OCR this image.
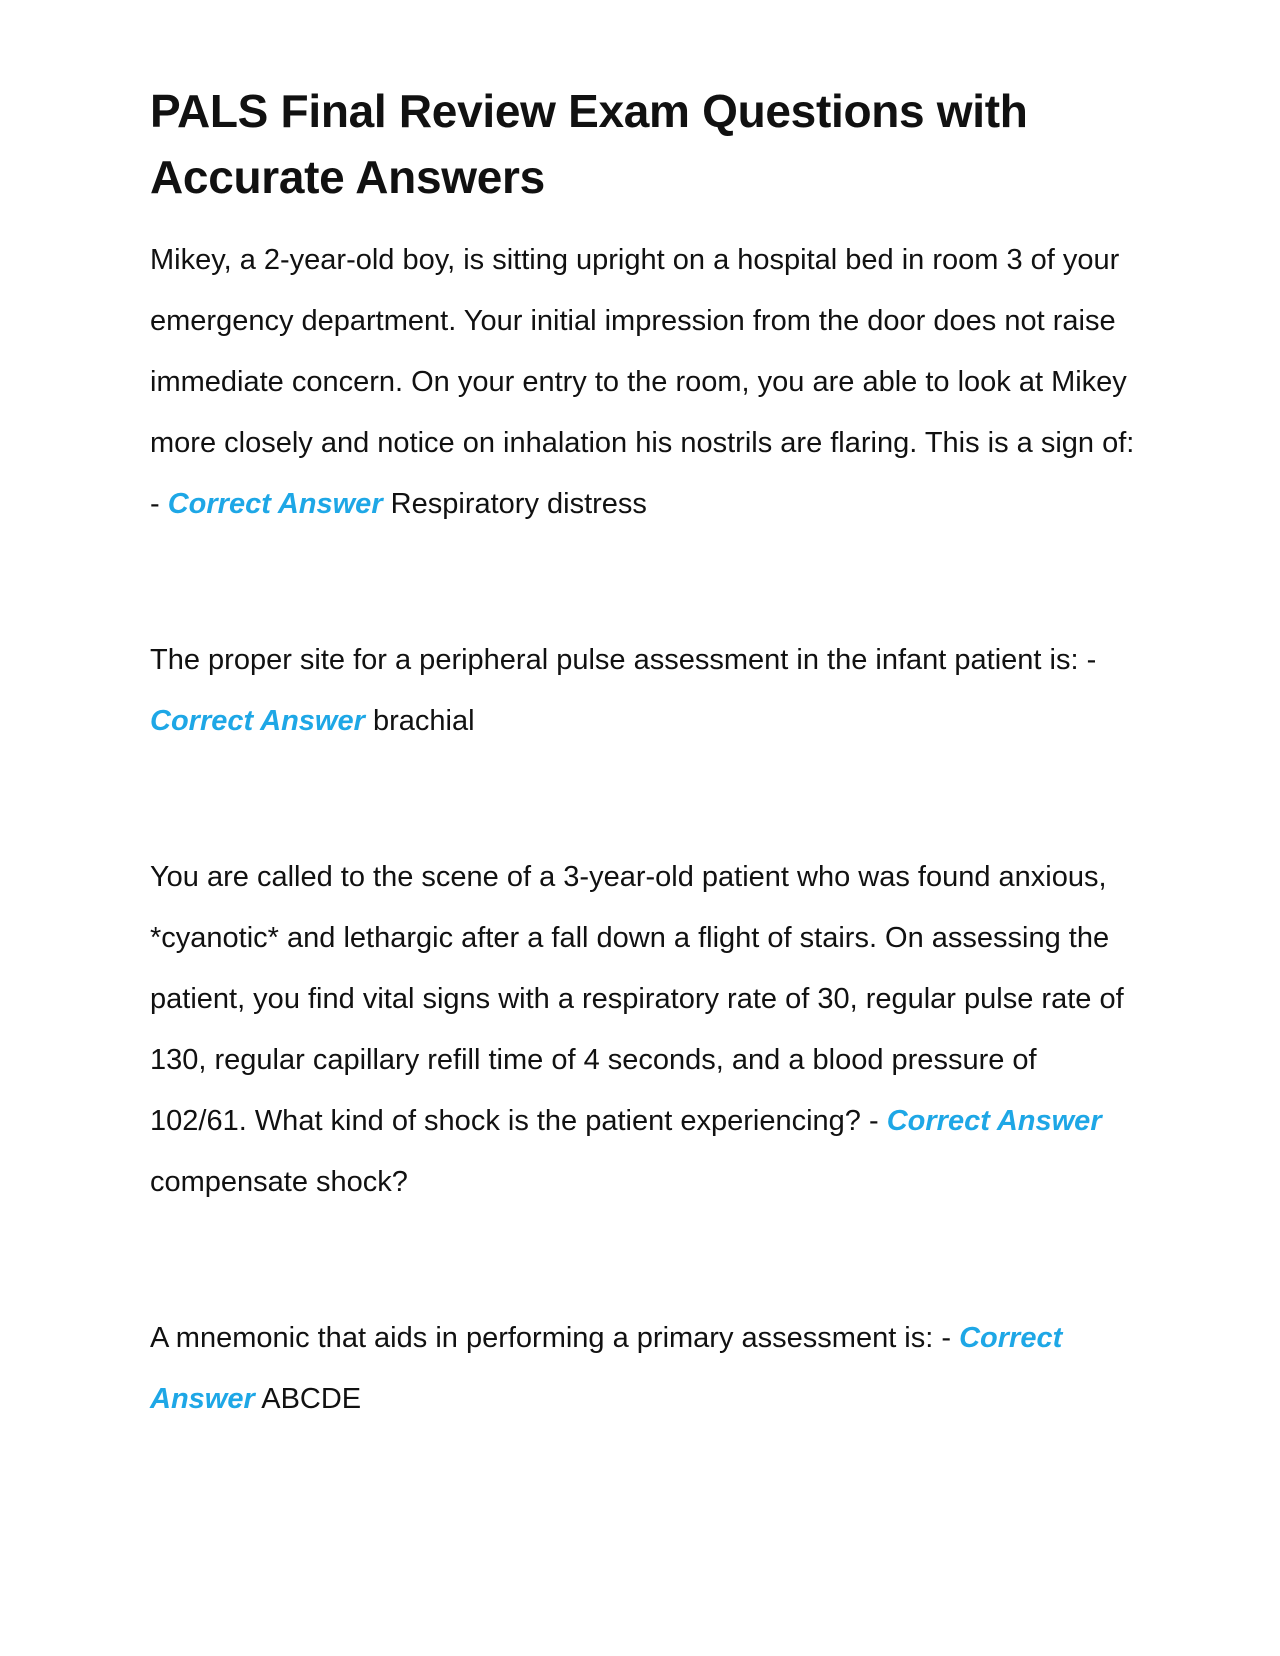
PALS Final Review Exam Questions with Accurate Answers

Mikey, a 2-year-old boy, is sitting upright on a hospital bed in room 3 of your emergency department. Your initial impression from the door does not raise immediate concern. On your entry to the room, you are able to look at Mikey more closely and notice on inhalation his nostrils are flaring. This is a sign of: - Correct Answer Respiratory distress

The proper site for a peripheral pulse assessment in the infant patient is: - Correct Answer brachial

You are called to the scene of a 3-year-old patient who was found anxious, *cyanotic* and lethargic after a fall down a flight of stairs. On assessing the patient, you find vital signs with a respiratory rate of 30, regular pulse rate of 130, regular capillary refill time of 4 seconds, and a blood pressure of 102/61. What kind of shock is the patient experiencing? - Correct Answer compensate shock?

A mnemonic that aids in performing a primary assessment is: - Correct Answer ABCDE
